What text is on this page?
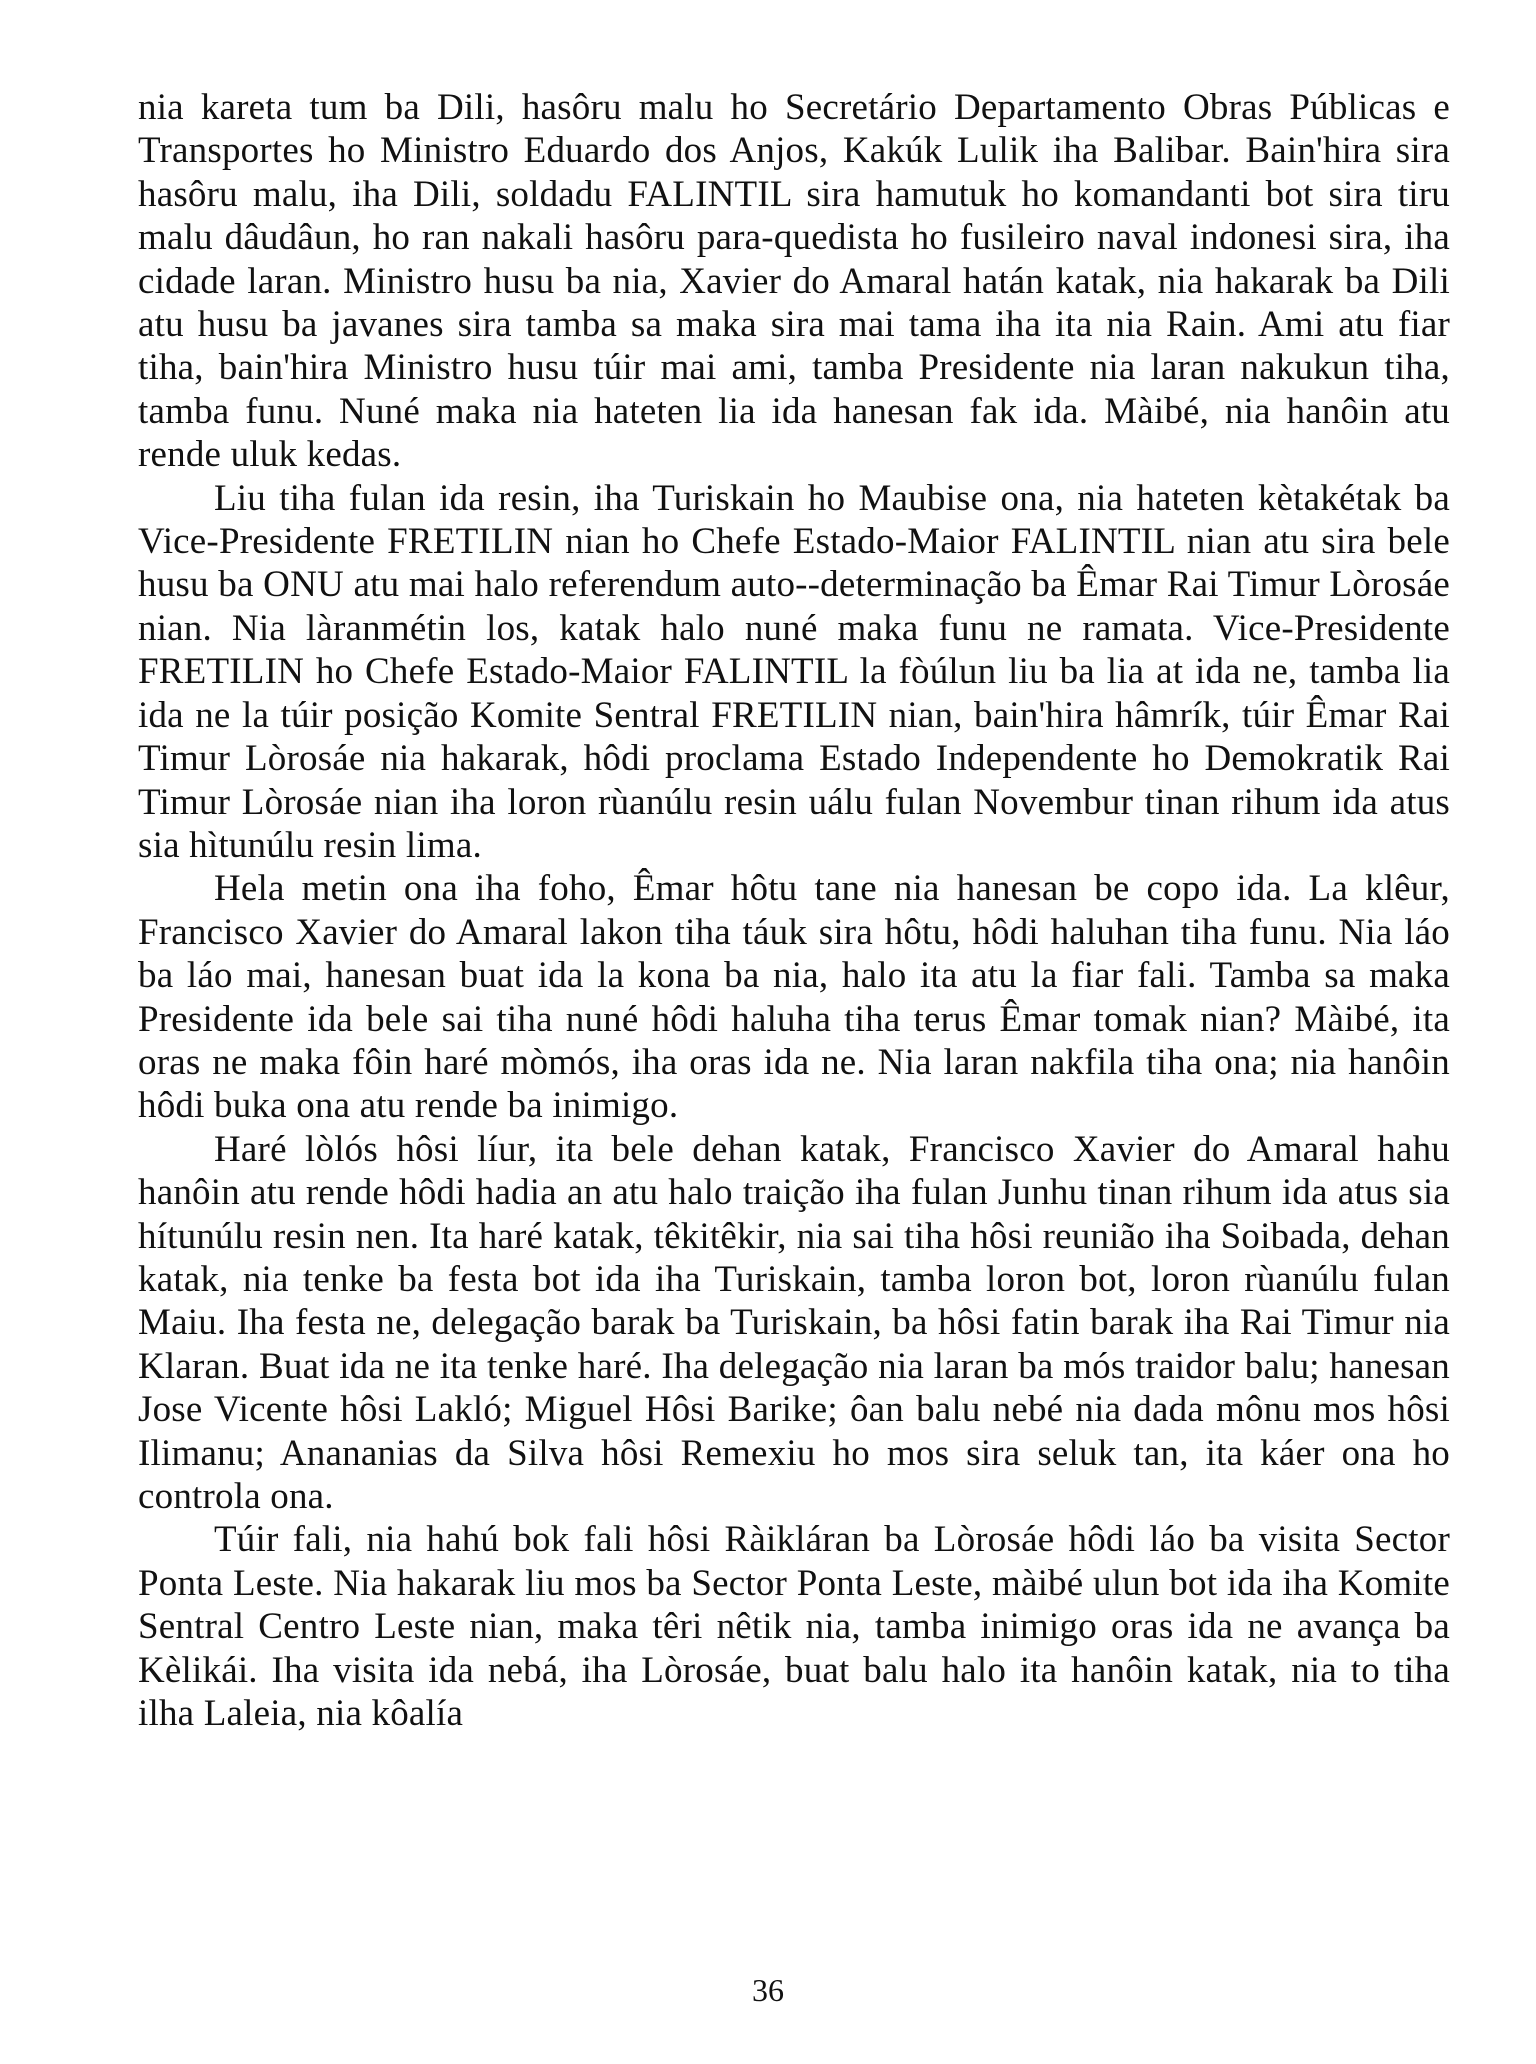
nia kareta tum ba Dili, hasôru malu ho Secretário Departamento Obras Públicas e Transportes ho Ministro Eduardo dos Anjos, Kakúk Lulik iha Balibar. Bain'hira sira hasôru malu, iha Dili, soldadu FALINTIL sira hamutuk ho komandanti bot sira tiru malu dâudâun, ho ran nakali hasôru para-quedista ho fusileiro naval indonesi sira, iha cidade laran. Ministro husu ba nia, Xavier do Amaral hatán katak, nia hakarak ba Dili atu husu ba javanes sira tamba sa maka sira mai tama iha ita nia Rain. Ami atu fiar tiha, bain'hira Ministro husu túir mai ami, tamba Presidente nia laran nakukun tiha, tamba funu. Nuné maka nia hateten lia ida hanesan fak ida. Màibé, nia hanôin atu rende uluk kedas.

Liu tiha fulan ida resin, iha Turiskain ho Maubise ona, nia hateten kètakétak ba Vice-Presidente FRETILIN nian ho Chefe Estado-Maior FALINTIL nian atu sira bele husu ba ONU atu mai halo referendum auto--determinação ba Êmar Rai Timur Lòrosáe nian. Nia làranmétin los, katak halo nuné maka funu ne ramata. Vice-Presidente FRETILIN ho Chefe Estado-Maior FALINTIL la fòúlun liu ba lia at ida ne, tamba lia ida ne la túir posição Komite Sentral FRETILIN nian, bain'hira hâmrík, túir Êmar Rai Timur Lòrosáe nia hakarak, hôdi proclama Estado Independente ho Demokratik Rai Timur Lòrosáe nian iha loron rùanúlu resin uálu fulan Novembur tinan rihum ida atus sia hìtunúlu resin lima.

Hela metin ona iha foho, Êmar hôtu tane nia hanesan be copo ida. La klêur, Francisco Xavier do Amaral lakon tiha táuk sira hôtu, hôdi haluhan tiha funu. Nia láo ba láo mai, hanesan buat ida la kona ba nia, halo ita atu la fiar fali. Tamba sa maka Presidente ida bele sai tiha nuné hôdi haluha tiha terus Êmar tomak nian? Màibé, ita oras ne maka fôin haré mòmós, iha oras ida ne. Nia laran nakfila tiha ona; nia hanôin hôdi buka ona atu rende ba inimigo.

Haré lòlós hôsi líur, ita bele dehan katak, Francisco Xavier do Amaral hahu hanôin atu rende hôdi hadia an atu halo traição iha fulan Junhu tinan rihum ida atus sia hítunúlu resin nen. Ita haré katak, têkitêkir, nia sai tiha hôsi reunião iha Soibada, dehan katak, nia tenke ba festa bot ida iha Turiskain, tamba loron bot, loron rùanúlu fulan Maiu. Iha festa ne, delegação barak ba Turiskain, ba hôsi fatin barak iha Rai Timur nia Klaran. Buat ida ne ita tenke haré. Iha delegação nia laran ba mós traidor balu; hanesan Jose Vicente hôsi Lakló; Miguel Hôsi Barike; ôan balu nebé nia dada mônu mos hôsi Ilimanu; Anananias da Silva hôsi Remexiu ho mos sira seluk tan, ita káer ona ho controla ona.

Túir fali, nia hahú bok fali hôsi Ràikláran ba Lòrosáe hôdi láo ba visita Sector Ponta Leste. Nia hakarak liu mos ba Sector Ponta Leste, màibé ulun bot ida iha Komite Sentral Centro Leste nian, maka têri nêtik nia, tamba inimigo oras ida ne avança ba Kèlikái. Iha visita ida nebá, iha Lòrosáe, buat balu halo ita hanôin katak, nia to tiha ilha Laleia, nia kôalía

36
